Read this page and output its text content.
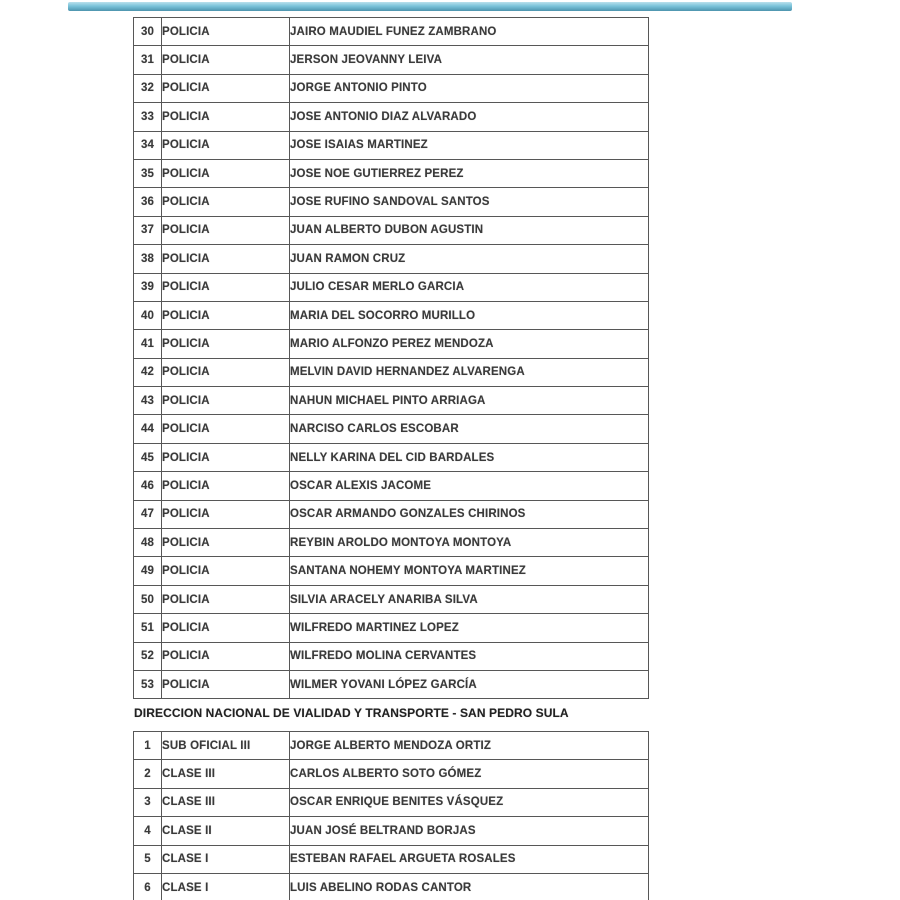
30	POLICIA	JAIRO MAUDIEL FUNEZ ZAMBRANO
31	POLICIA	JERSON JEOVANNY LEIVA
32	POLICIA	JORGE ANTONIO PINTO
33	POLICIA	JOSE ANTONIO DIAZ ALVARADO
34	POLICIA	JOSE ISAIAS MARTINEZ
35	POLICIA	JOSE NOE GUTIERREZ PEREZ
36	POLICIA	JOSE RUFINO SANDOVAL SANTOS
37	POLICIA	JUAN ALBERTO DUBON AGUSTIN
38	POLICIA	JUAN RAMON CRUZ
39	POLICIA	JULIO CESAR MERLO GARCIA
40	POLICIA	MARIA DEL SOCORRO MURILLO
41	POLICIA	MARIO ALFONZO PEREZ MENDOZA
42	POLICIA	MELVIN DAVID HERNANDEZ ALVARENGA
43	POLICIA	NAHUN MICHAEL PINTO ARRIAGA
44	POLICIA	NARCISO CARLOS ESCOBAR
45	POLICIA	NELLY KARINA DEL CID BARDALES
46	POLICIA	OSCAR ALEXIS JACOME
47	POLICIA	OSCAR ARMANDO GONZALES CHIRINOS
48	POLICIA	REYBIN AROLDO MONTOYA MONTOYA
49	POLICIA	SANTANA NOHEMY MONTOYA MARTINEZ
50	POLICIA	SILVIA ARACELY ANARIBA SILVA
51	POLICIA	WILFREDO MARTINEZ LOPEZ
52	POLICIA	WILFREDO MOLINA CERVANTES
53	POLICIA	WILMER YOVANI LÓPEZ GARCÍA
DIRECCION NACIONAL DE VIALIDAD Y TRANSPORTE - SAN PEDRO SULA
1	SUB OFICIAL III	JORGE ALBERTO MENDOZA ORTIZ
2	CLASE III	CARLOS ALBERTO SOTO GÓMEZ
3	CLASE III	OSCAR ENRIQUE BENITES VÁSQUEZ
4	CLASE II	JUAN JOSÉ BELTRAND BORJAS
5	CLASE I	ESTEBAN RAFAEL ARGUETA ROSALES
6	CLASE I	LUIS ABELINO RODAS CANTOR
